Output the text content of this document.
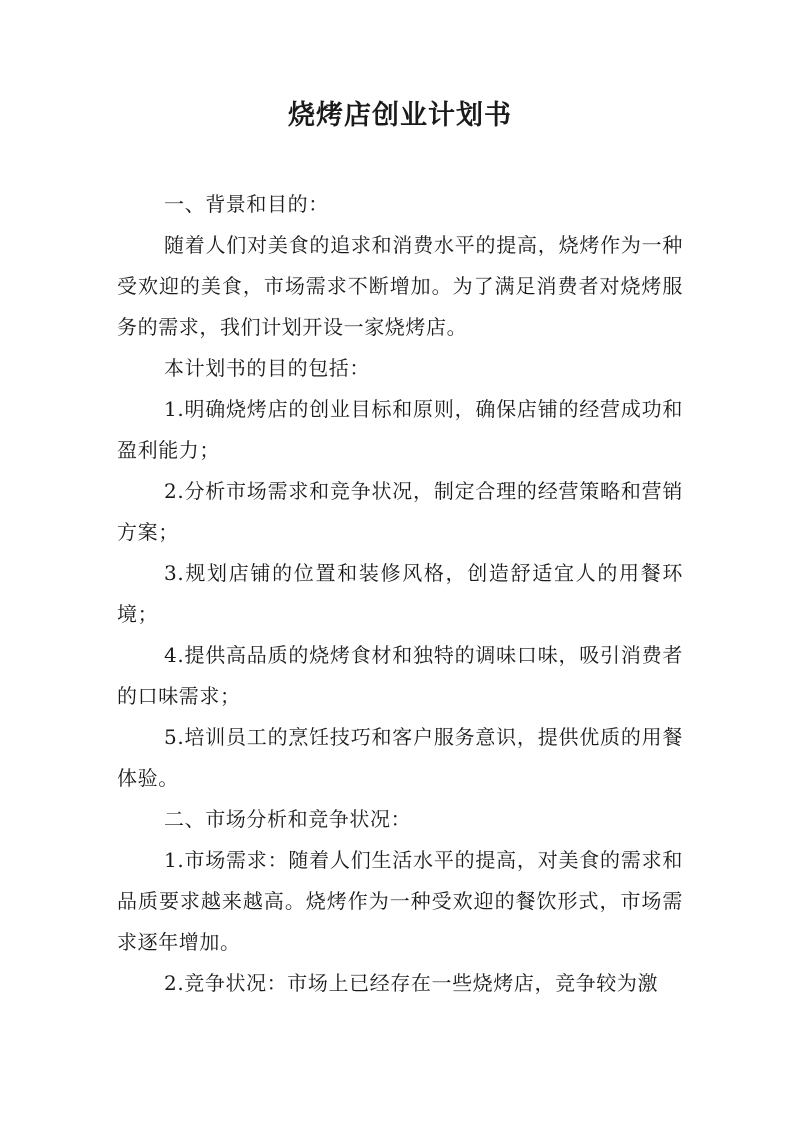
烧烤店创业计划书

一、背景和目的：

随着人们对美食的追求和消费水平的提高，烧烤作为一种受欢迎的美食，市场需求不断增加。为了满足消费者对烧烤服务的需求，我们计划开设一家烧烤店。

本计划书的目的包括：

1.明确烧烤店的创业目标和原则，确保店铺的经营成功和盈利能力；

2.分析市场需求和竞争状况，制定合理的经营策略和营销方案；

3.规划店铺的位置和装修风格，创造舒适宜人的用餐环境；

4.提供高品质的烧烤食材和独特的调味口味，吸引消费者的口味需求；

5.培训员工的烹饪技巧和客户服务意识，提供优质的用餐体验。

二、市场分析和竞争状况：

1.市场需求：随着人们生活水平的提高，对美食的需求和品质要求越来越高。烧烤作为一种受欢迎的餐饮形式，市场需求逐年增加。

2.竞争状况：市场上已经存在一些烧烤店，竞争较为激
